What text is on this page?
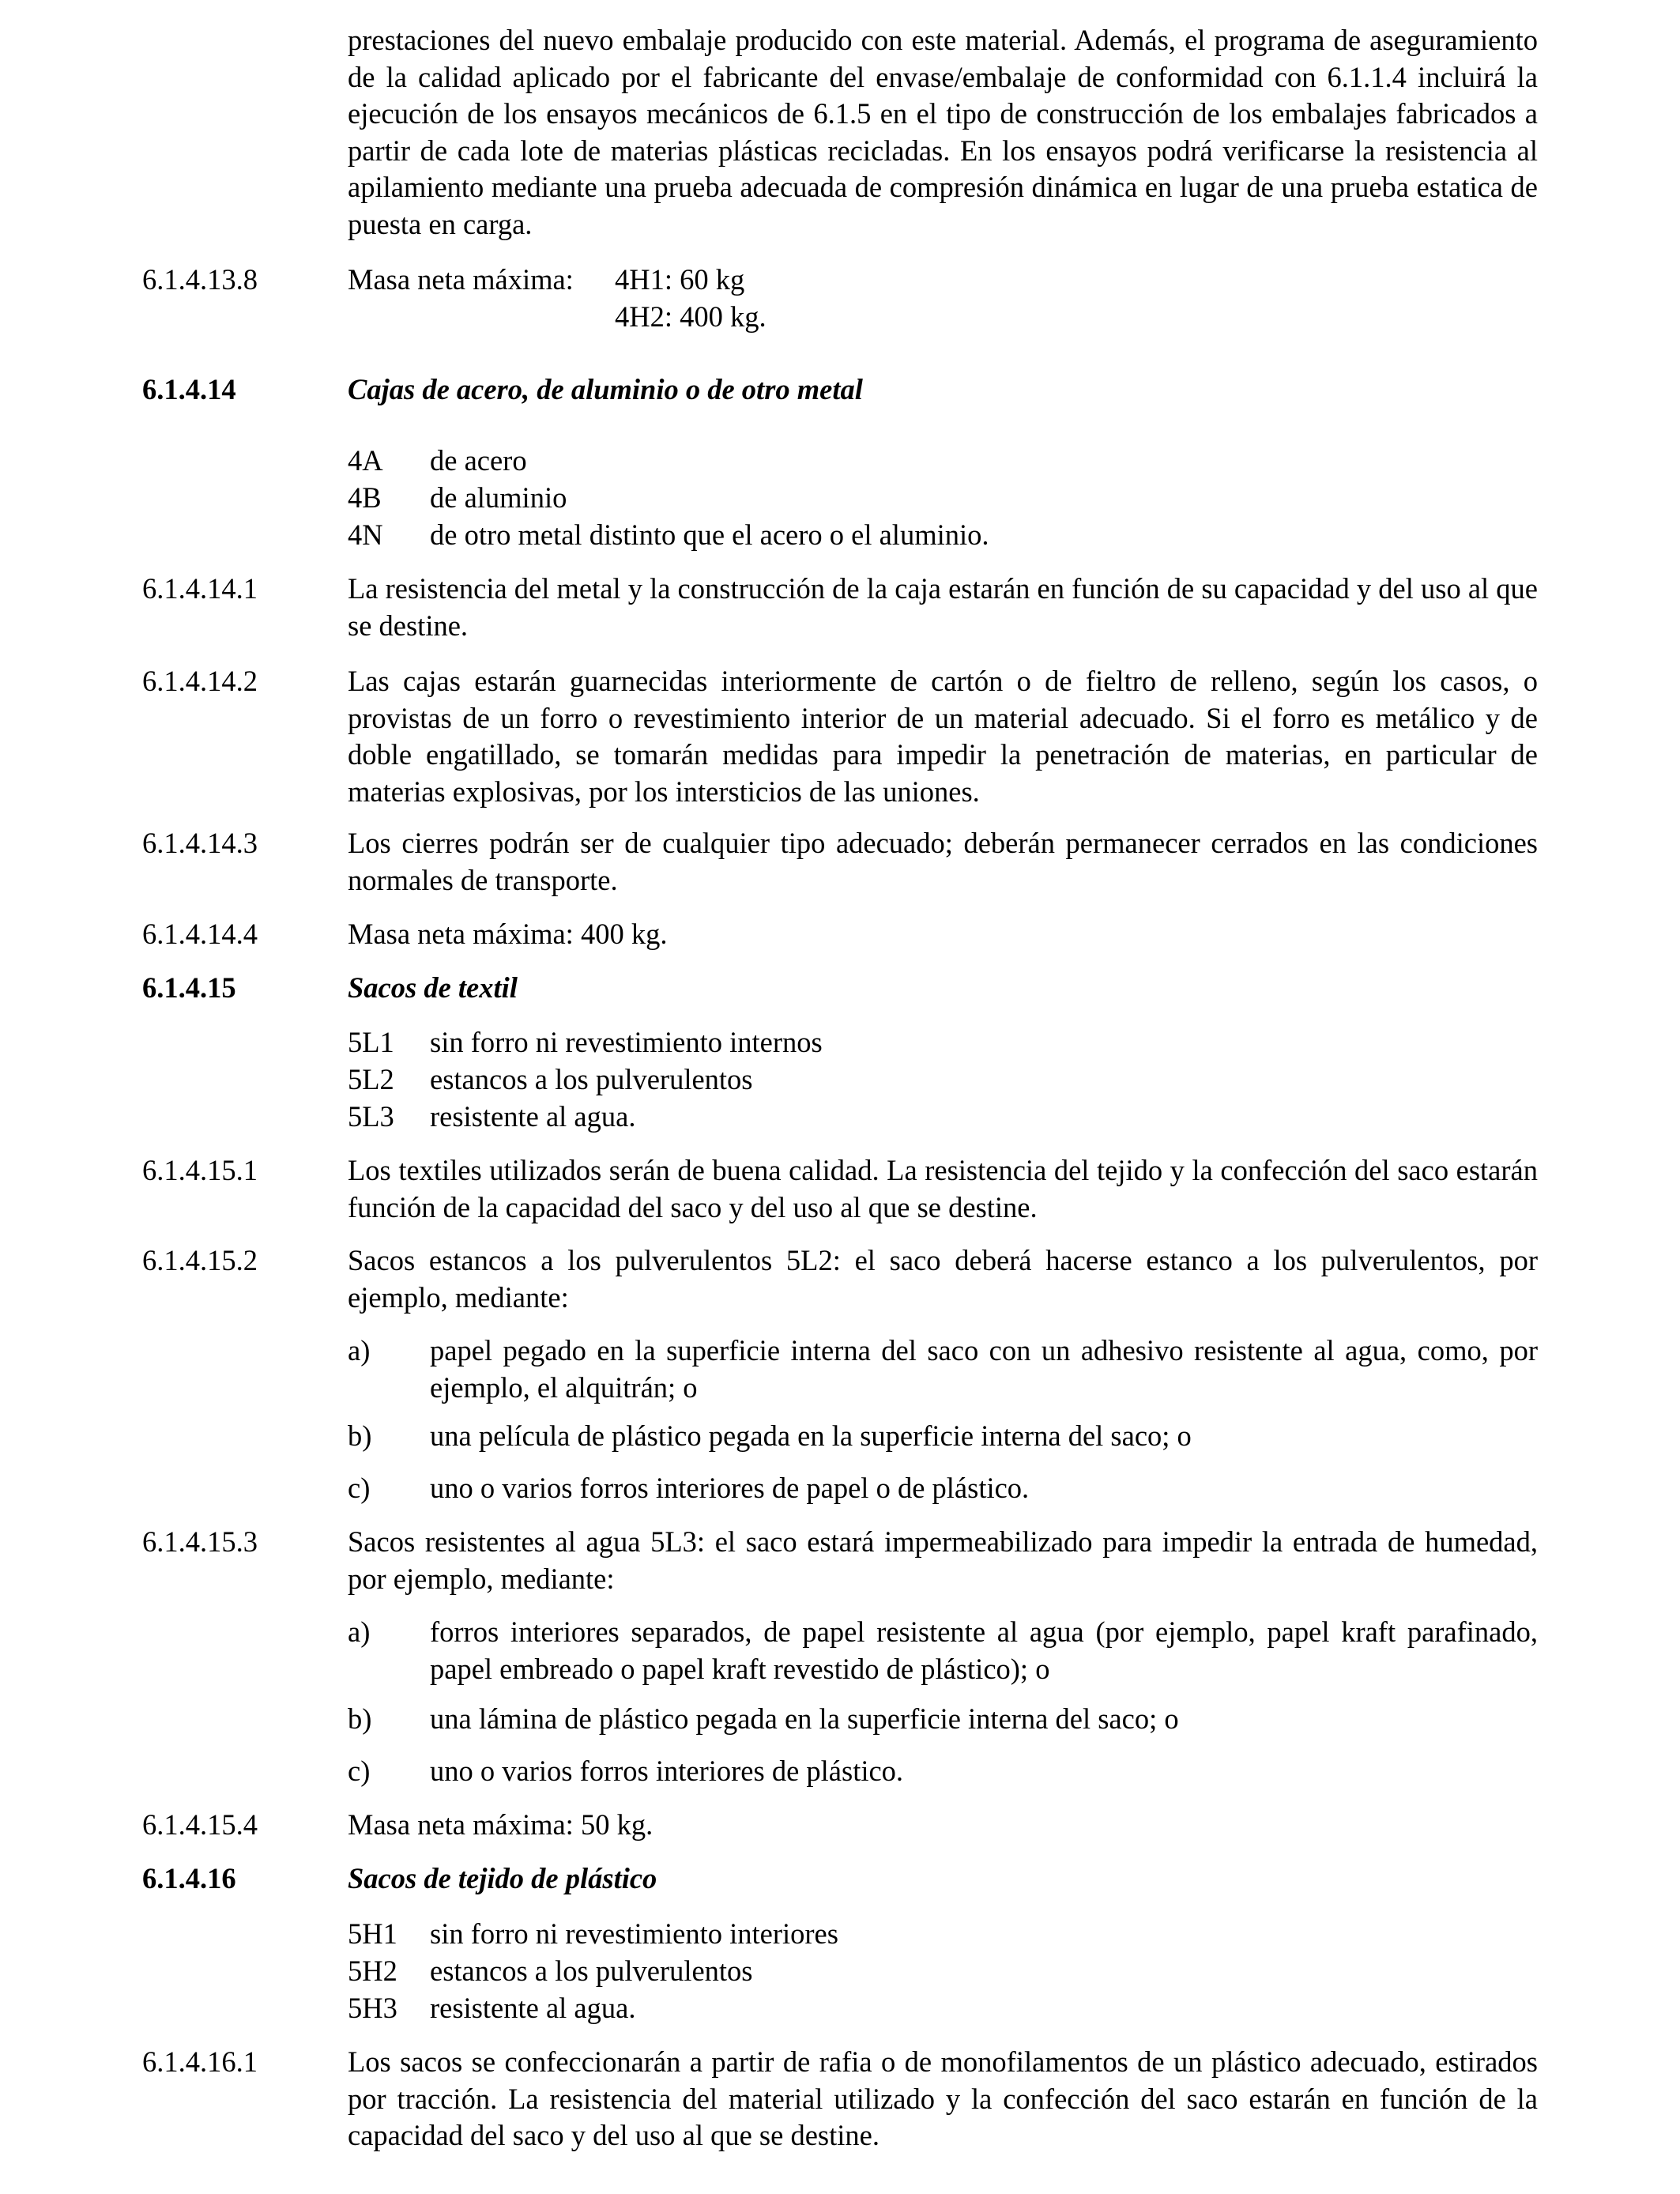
prestaciones del nuevo embalaje producido con este material. Además, el programa de aseguramiento de la calidad aplicado por el fabricante del envase/embalaje de conformidad con 6.1.1.4 incluirá la ejecución de los ensayos mecánicos de 6.1.5 en el tipo de construcción de los embalajes fabricados a partir de cada lote de materias plásticas recicladas. En los ensayos podrá verificarse la resistencia al apilamiento mediante una prueba adecuada de compresión dinámica en lugar de una prueba estatica de puesta en carga.

6.1.4.13.8	Masa neta máxima: 4H1: 60 kg
4H2: 400 kg.
6.1.4.14	Cajas de acero, de aluminio o de otro metal
4A	de acero
4B	de aluminio
4N	de otro metal distinto que el acero o el aluminio.
6.1.4.14.1	La resistencia del metal y la construcción de la caja estarán en función de su capacidad y del uso al que se destine.
6.1.4.14.2	Las cajas estarán guarnecidas interiormente de cartón o de fieltro de relleno, según los casos, o provistas de un forro o revestimiento interior de un material adecuado. Si el forro es metálico y de doble engatillado, se tomarán medidas para impedir la penetración de materias, en particular de materias explosivas, por los intersticios de las uniones.
6.1.4.14.3	Los cierres podrán ser de cualquier tipo adecuado; deberán permanecer cerrados en las condiciones normales de transporte.
6.1.4.14.4	Masa neta máxima: 400 kg.
6.1.4.15	Sacos de textil
5L1	sin forro ni revestimiento internos
5L2	estancos a los pulverulentos
5L3	resistente al agua.
6.1.4.15.1	Los textiles utilizados serán de buena calidad. La resistencia del tejido y la confección del saco estarán función de la capacidad del saco y del uso al que se destine.
6.1.4.15.2	Sacos estancos a los pulverulentos 5L2: el saco deberá hacerse estanco a los pulverulentos, por ejemplo, mediante:
a)	papel pegado en la superficie interna del saco con un adhesivo resistente al agua, como, por ejemplo, el alquitrán; o
b)	una película de plástico pegada en la superficie interna del saco; o
c)	uno o varios forros interiores de papel o de plástico.
6.1.4.15.3	Sacos resistentes al agua 5L3: el saco estará impermeabilizado para impedir la entrada de humedad, por ejemplo, mediante:
a)	forros interiores separados, de papel resistente al agua (por ejemplo, papel kraft parafinado, papel embreado o papel kraft revestido de plástico); o
b)	una lámina de plástico pegada en la superficie interna del saco; o
c)	uno o varios forros interiores de plástico.
6.1.4.15.4	Masa neta máxima: 50 kg.
6.1.4.16	Sacos de tejido de plástico
5H1	sin forro ni revestimiento interiores
5H2	estancos a los pulverulentos
5H3	resistente al agua.
6.1.4.16.1	Los sacos se confeccionarán a partir de rafia o de monofilamentos de un plástico adecuado, estirados por tracción. La resistencia del material utilizado y la confección del saco estarán en función de la capacidad del saco y del uso al que se destine.
